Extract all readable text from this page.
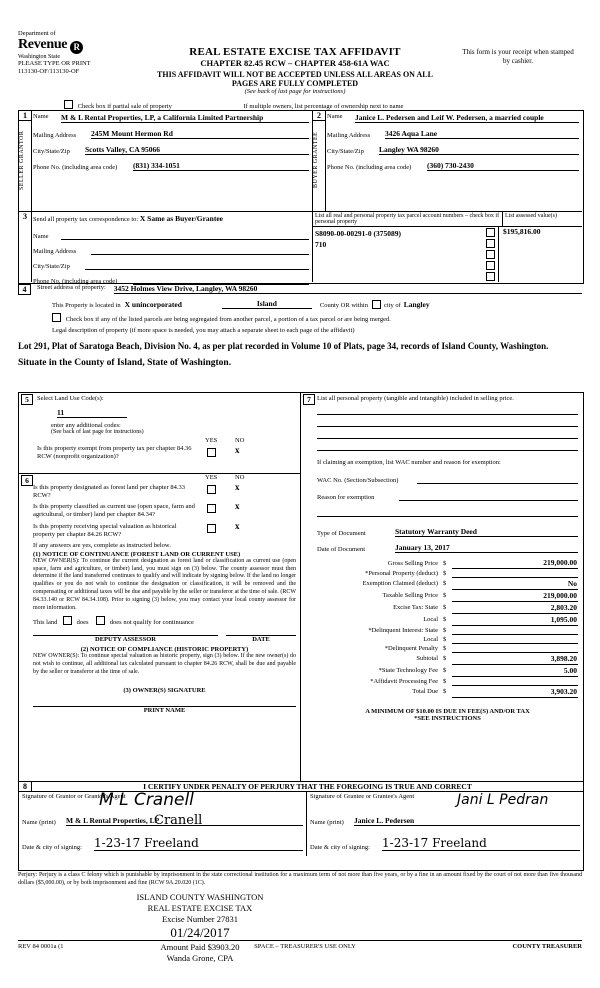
Department of
Revenue R
Washington State
PLEASE TYPE OR PRINT
113130-OF/113130-OF
REAL ESTATE EXCISE TAX AFFIDAVIT
CHAPTER 82.45 RCW – CHAPTER 458-61A WAC
THIS AFFIDAVIT WILL NOT BE ACCEPTED UNLESS ALL AREAS ON ALL PAGES ARE FULLY COMPLETED
(See back of last page for instructions)
This form is your receipt when stamped by cashier.
Check box if partial sale of property	If multiple owners, list percentage of ownership next to name
1
SELLER GRANTOR
Name	M & L Rental Properties, LP, a California Limited Partnership
Mailing Address	245M Mount Hermon Rd
City/State/Zip	Scotts Valley, CA 95066
Phone No. (including area code)	(831) 334-1051
2
BUYER GRANTEE
Name	Janice L. Pedersen and Leif W. Pedersen, a married couple
Mailing Address	3426 Aqua Lane
City/State/Zip	Langley WA 98260
Phone No. (including area code)	(360) 730-2430
3 Send all property tax correspondence to: X Same as Buyer/Grantee
Name
Mailing Address
City/State/Zip
Phone No. (including area code)
List all real and personal property tax parcel account numbers – check box if personal property
List assessed value(s)
S8090-00-00291-0 (375089)
710
$195,816.00
4	Street address of property: 3452 Holmes View Drive, Langley, WA 98260
This Property is located in X unincorporated	Island	County OR within city of Langley
Check box if any of the listed parcels are being segregated from another parcel, a portion of a tax parcel or are being merged.
Legal description of property (if more space is needed, you may attach a separate sheet to each page of the affidavit)
Lot 291, Plat of Saratoga Beach, Division No. 4, as per plat recorded in Volume 10 of Plats, page 34, records of Island County, Washington.
Situate in the County of Island, State of Washington.
5	Select Land Use Code(s):
11
enter any additional codes:
(See back of last page for instructions)
YES	NO
Is this property exempt from property tax per chapter 84.36 RCW (nonprofit organization)?
x
6	YES	NO
Is this property designated as forest land per chapter 84.33 RCW?
x
Is this property classified as current use (open space, farm and agricultural, or timber) land per chapter 84.34?
x
Is this property receiving special valuation as historical property per chapter 84.26 RCW?
x
If any answers are yes, complete as instructed below.
(1) NOTICE OF CONTINUANCE (FOREST LAND OR CURRENT USE)
NEW OWNER(S): To continue the current designation as forest land or classification as current use (open space, farm and agriculture, or timber) land, you must sign on (3) below. The county assessor must then determine if the land transferred continues to qualify and will indicate by signing below. If the land no longer qualifies or you do not wish to continue the designation or classification, it will be removed and the compensating or additional taxes will be due and payable by the seller or transferor at the time of sale. (RCW 84.33.140 or RCW 84.34.108). Prior to signing (3) below, you may contact your local county assessor for more information.
This land	does	does not qualify for continuance
DEPUTY ASSESSOR	DATE
(2) NOTICE OF COMPLIANCE (HISTORIC PROPERTY)
NEW OWNER(S): To continue special valuation as historic property, sign (3) below. If the new owner(s) do not wish to continue, all additional tax calculated pursuant to chapter 84.26 RCW, shall be due and payable by the seller or transferor at the time of sale.
(3) OWNER(S) SIGNATURE
PRINT NAME
7 List all personal property (tangible and intangible) included in selling price.
If claiming an exemption, list WAC number and reason for exemption:
WAC No. (Section/Subsection)
Reason for exemption
Type of Document	Statutory Warranty Deed
Date of Document	January 13, 2017
Gross Selling Price	$	219,000.00
*Personal Property (deduct)	$	
Exemption Claimed (deduct)	$	No
Taxable Selling Price	$	219,000.00
Excise Tax: State	$	2,803.20
Local	$	1,095.00
*Delinquent Interest: State	$	
Local	$	
*Delinquent Penalty	$	
Subtotal	$	3,898.20
*State Technology Fee	$	5.00
*Affidavit Processing Fee	$	
Total Due	$	3,903.20
A MINIMUM OF $10.00 IS DUE IN FEE(S) AND/OR TAX
*SEE INSTRUCTIONS
8	I CERTIFY UNDER PENALTY OF PERJURY THAT THE FOREGOING IS TRUE AND CORRECT
Signature of Grantor or Grantor's Agent
M L Cranell
Name (print)	M & L Rental Properties, LP
Cranell
Date & city of signing:	1-23-17 Freeland
Signature of Grantee or Grantee's Agent	Jani L Pedran
Name (print)	Janice L. Pedersen
Date & city of signing:	1-23-17 Freeland
Perjury: Perjury is a class C felony which is punishable by imprisonment in the state correctional institution for a maximum term of not more than five years, or by a fine in an amount fixed by the court of not more than five thousand dollars ($5,000.00), or by both imprisonment and fine (RCW 9A.20.020 (1C).
ISLAND COUNTY WASHINGTON
REAL ESTATE EXCISE TAX
Excise Number 27831
01/24/2017
Amount Paid $3903.20
Wanda Grone, CPA
REV 84 0001a (1	SPACE – TREASURER'S USE ONLY	COUNTY TREASURER
